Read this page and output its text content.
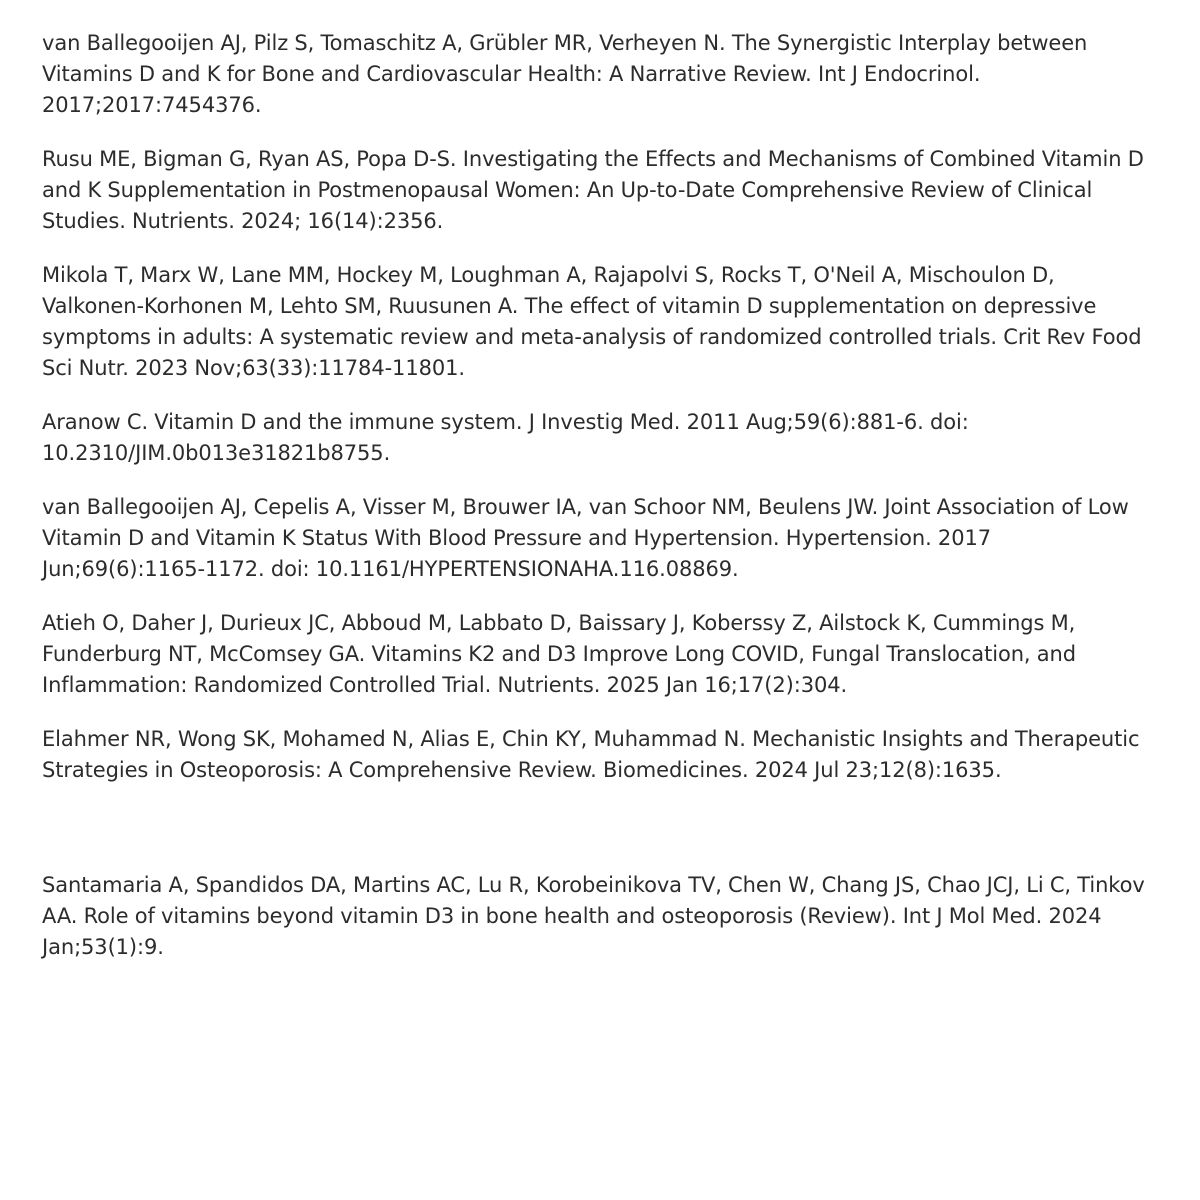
van Ballegooijen AJ, Pilz S, Tomaschitz A, Grübler MR, Verheyen N. The Synergistic Interplay between Vitamins D and K for Bone and Cardiovascular Health: A Narrative Review. Int J Endocrinol. 2017;2017:7454376.

Rusu ME, Bigman G, Ryan AS, Popa D-S. Investigating the Effects and Mechanisms of Combined Vitamin D and K Supplementation in Postmenopausal Women: An Up-to-Date Comprehensive Review of Clinical Studies. Nutrients. 2024; 16(14):2356.

Mikola T, Marx W, Lane MM, Hockey M, Loughman A, Rajapolvi S, Rocks T, O'Neil A, Mischoulon D, Valkonen-Korhonen M, Lehto SM, Ruusunen A. The effect of vitamin D supplementation on depressive symptoms in adults: A systematic review and meta-analysis of randomized controlled trials. Crit Rev Food Sci Nutr. 2023 Nov;63(33):11784-11801.

Aranow C. Vitamin D and the immune system. J Investig Med. 2011 Aug;59(6):881-6. doi: 10.2310/JIM.0b013e31821b8755.

van Ballegooijen AJ, Cepelis A, Visser M, Brouwer IA, van Schoor NM, Beulens JW. Joint Association of Low Vitamin D and Vitamin K Status With Blood Pressure and Hypertension. Hypertension. 2017 Jun;69(6):1165-1172. doi: 10.1161/HYPERTENSIONAHA.116.08869.

Atieh O, Daher J, Durieux JC, Abboud M, Labbato D, Baissary J, Koberssy Z, Ailstock K, Cummings M, Funderburg NT, McComsey GA. Vitamins K2 and D3 Improve Long COVID, Fungal Translocation, and Inflammation: Randomized Controlled Trial. Nutrients. 2025 Jan 16;17(2):304.

Elahmer NR, Wong SK, Mohamed N, Alias E, Chin KY, Muhammad N. Mechanistic Insights and Therapeutic Strategies in Osteoporosis: A Comprehensive Review. Biomedicines. 2024 Jul 23;12(8):1635.

Santamaria A, Spandidos DA, Martins AC, Lu R, Korobeinikova TV, Chen W, Chang JS, Chao JCJ, Li C, Tinkov AA. Role of vitamins beyond vitamin D3 in bone health and osteoporosis (Review). Int J Mol Med. 2024 Jan;53(1):9.
